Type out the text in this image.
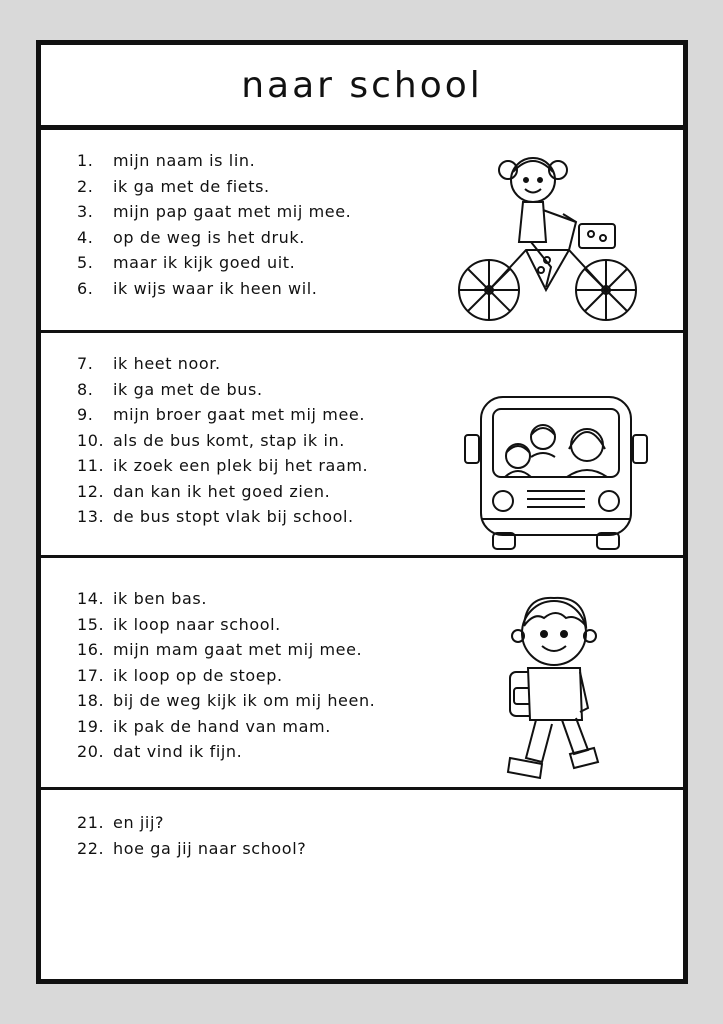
naar school
1.	mijn naam is lin.
2.	ik ga met de fiets.
3.	mijn pap gaat met mij mee.
4.	op de weg is het druk.
5.	maar ik kijk goed uit.
6.	ik wijs waar ik heen wil.
7.	ik heet noor.
8.	ik ga met de bus.
9.	mijn broer gaat met mij mee.
10. als de bus komt, stap ik in.
11. ik zoek een plek bij het raam.
12. dan kan ik het goed zien.
13. de bus stopt vlak bij school.
14. ik ben bas.
15. ik loop naar school.
16. mijn mam gaat met mij mee.
17. ik loop op de stoep.
18. bij de weg kijk ik om mij heen.
19. ik pak de hand van mam.
20. dat vind ik fijn.
21. en jij?
22. hoe ga jij naar school?
